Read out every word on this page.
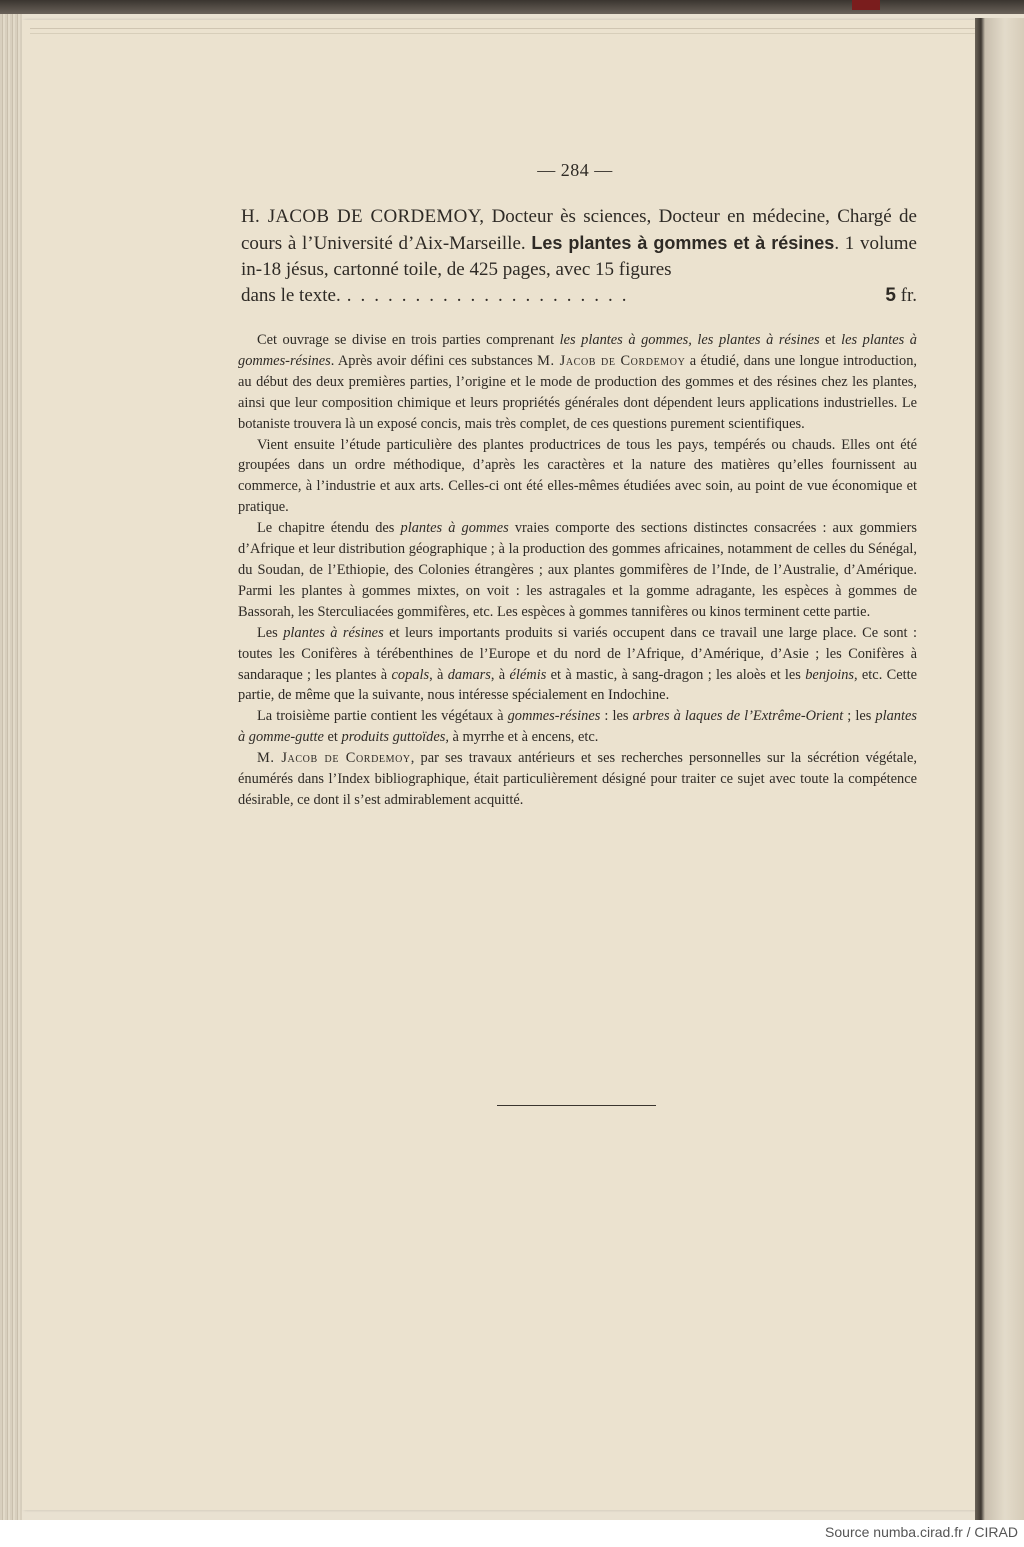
— 284 —
H. JACOB DE CORDEMOY, Docteur ès sciences, Docteur en médecine, Chargé de cours à l’Université d’Aix-Marseille. Les plantes à gommes et à résines. 1 volume in-18 jésus, cartonné toile, de 425 pages, avec 15 figures
dans le texte. .....................	5 fr.

Cet ouvrage se divise en trois parties comprenant les plantes à gommes, les plantes à résines et les plantes à gommes-résines. Après avoir défini ces substances M. Jacob de Cordemoy a étudié, dans une longue introduction, au début des deux premières parties, l’origine et le mode de production des gommes et des résines chez les plantes, ainsi que leur composition chimique et leurs propriétés générales dont dépendent leurs applications industrielles. Le botaniste trouvera là un exposé concis, mais très complet, de ces questions purement scientifiques.

Vient ensuite l’étude particulière des plantes productrices de tous les pays, tempérés ou chauds. Elles ont été groupées dans un ordre méthodique, d’après les caractères et la nature des matières qu’elles fournissent au commerce, à l’industrie et aux arts. Celles-ci ont été elles-mêmes étudiées avec soin, au point de vue économique et pratique.

Le chapitre étendu des plantes à gommes vraies comporte des sections distinctes consacrées : aux gommiers d’Afrique et leur distribution géographique ; à la production des gommes africaines, notamment de celles du Sénégal, du Soudan, de l’Ethiopie, des Colonies étrangères ; aux plantes gommifères de l’Inde, de l’Australie, d’Amérique. Parmi les plantes à gommes mixtes, on voit : les astragales et la gomme adragante, les espèces à gommes de Bassorah, les Sterculiacées gommifères, etc. Les espèces à gommes tannifères ou kinos terminent cette partie.

Les plantes à résines et leurs importants produits si variés occupent dans ce travail une large place. Ce sont : toutes les Conifères à térébenthines de l’Europe et du nord de l’Afrique, d’Amérique, d’Asie ; les Conifères à sandaraque ; les plantes à copals, à damars, à élémis et à mastic, à sang-dragon ; les aloès et les benjoins, etc. Cette partie, de même que la suivante, nous intéresse spécialement en Indochine.

La troisième partie contient les végétaux à gommes-résines : les arbres à laques de l’Extrême-Orient ; les plantes à gomme-gutte et produits guttoïdes, à myrrhe et à encens, etc.

M. Jacob de Cordemoy, par ses travaux antérieurs et ses recherches personnelles sur la sécrétion végétale, énumérés dans l’Index bibliographique, était particulièrement désigné pour traiter ce sujet avec toute la compétence désirable, ce dont il s’est admirablement acquitté.

Source numba.cirad.fr / CIRAD
